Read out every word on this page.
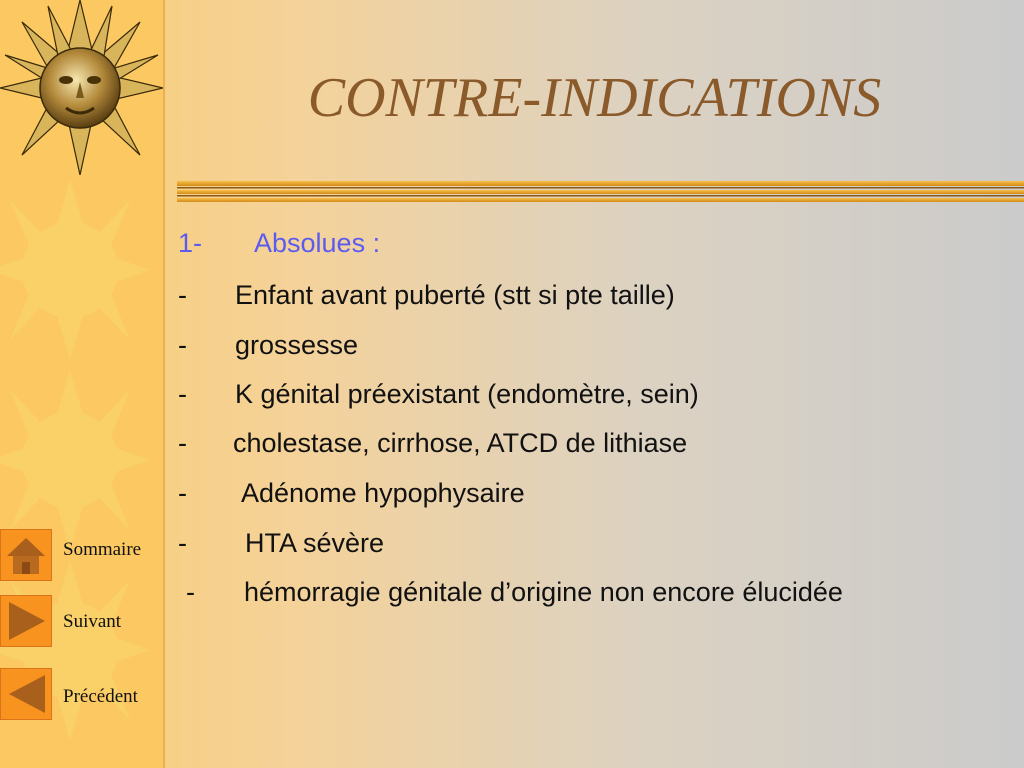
Sommaire
Suivant
Précédent
CONTRE-INDICATIONS
1- Absolues :
- Enfant avant puberté (stt si pte taille)
- grossesse
- K génital préexistant (endomètre, sein)
- cholestase, cirrhose, ATCD de lithiase
- Adénome hypophysaire
- HTA sévère
- hémorragie génitale d’origine non encore élucidée
